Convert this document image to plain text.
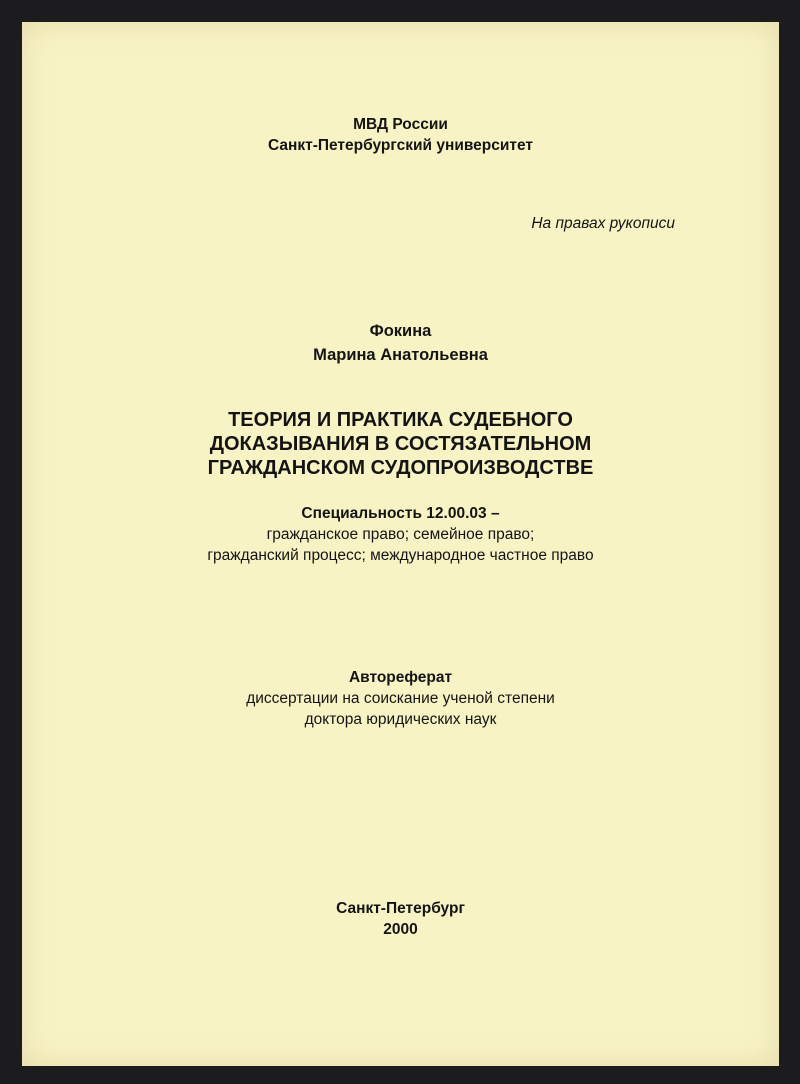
МВД России
Санкт-Петербургский университет
На правах рукописи
Фокина
Марина Анатольевна
ТЕОРИЯ И ПРАКТИКА СУДЕБНОГО
ДОКАЗЫВАНИЯ В СОСТЯЗАТЕЛЬНОМ
ГРАЖДАНСКОМ СУДОПРОИЗВОДСТВЕ
Специальность 12.00.03 –
гражданское право; семейное право;
гражданский процесс; международное частное право
Автореферат
диссертации на соискание ученой степени
доктора юридических наук
Санкт-Петербург
2000
